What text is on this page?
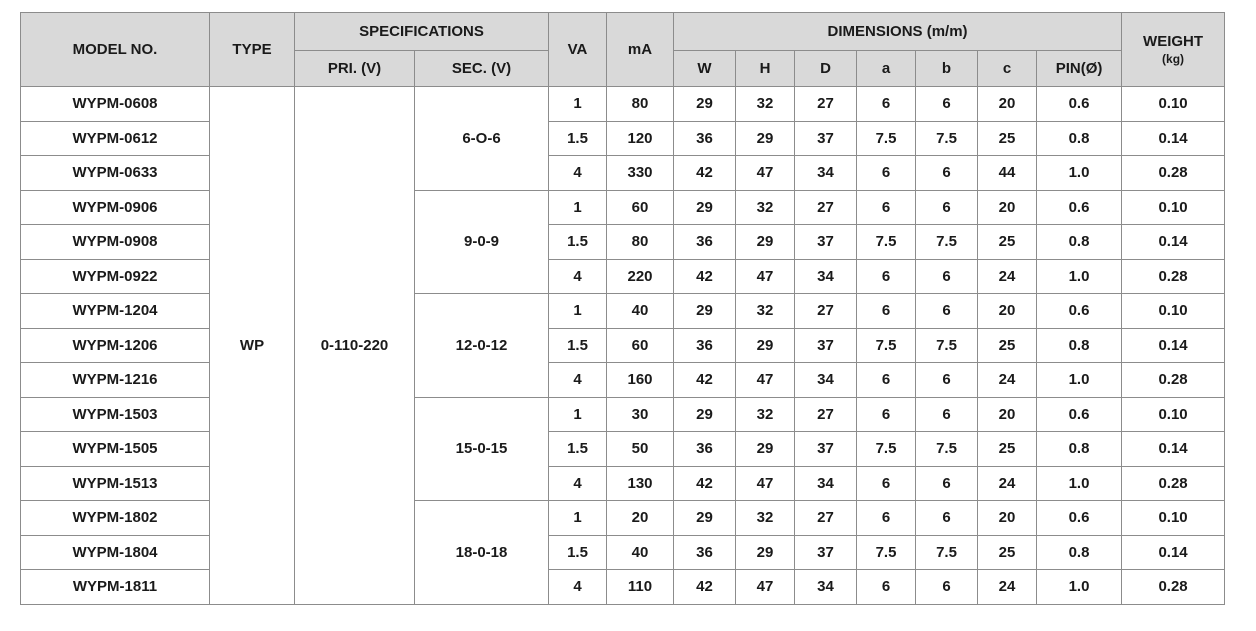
MODEL NO.	TYPE	SPECIFICATIONS		VA	mA	DIMENSIONS (m/m)							WEIGHT
(kg)

		PRI. (V)	SEC. (V)			W	H	D	a	b	c	PIN(Ø)	
WYPM-0608	WP	0-110-220	6-O-6	1	80	29	32	27	6	6	20	0.6	0.10
WYPM-0612				1.5	120	36	29	37	7.5	7.5	25	0.8	0.14
WYPM-0633				4	330	42	47	34	6	6	44	1.0	0.28
WYPM-0906			9-0-9	1	60	29	32	27	6	6	20	0.6	0.10
WYPM-0908				1.5	80	36	29	37	7.5	7.5	25	0.8	0.14
WYPM-0922				4	220	42	47	34	6	6	24	1.0	0.28
WYPM-1204			12-0-12	1	40	29	32	27	6	6	20	0.6	0.10
WYPM-1206				1.5	60	36	29	37	7.5	7.5	25	0.8	0.14
WYPM-1216				4	160	42	47	34	6	6	24	1.0	0.28
WYPM-1503			15-0-15	1	30	29	32	27	6	6	20	0.6	0.10
WYPM-1505				1.5	50	36	29	37	7.5	7.5	25	0.8	0.14
WYPM-1513				4	130	42	47	34	6	6	24	1.0	0.28
WYPM-1802			18-0-18	1	20	29	32	27	6	6	20	0.6	0.10
WYPM-1804				1.5	40	36	29	37	7.5	7.5	25	0.8	0.14
WYPM-1811				4	110	42	47	34	6	6	24	1.0	0.28
